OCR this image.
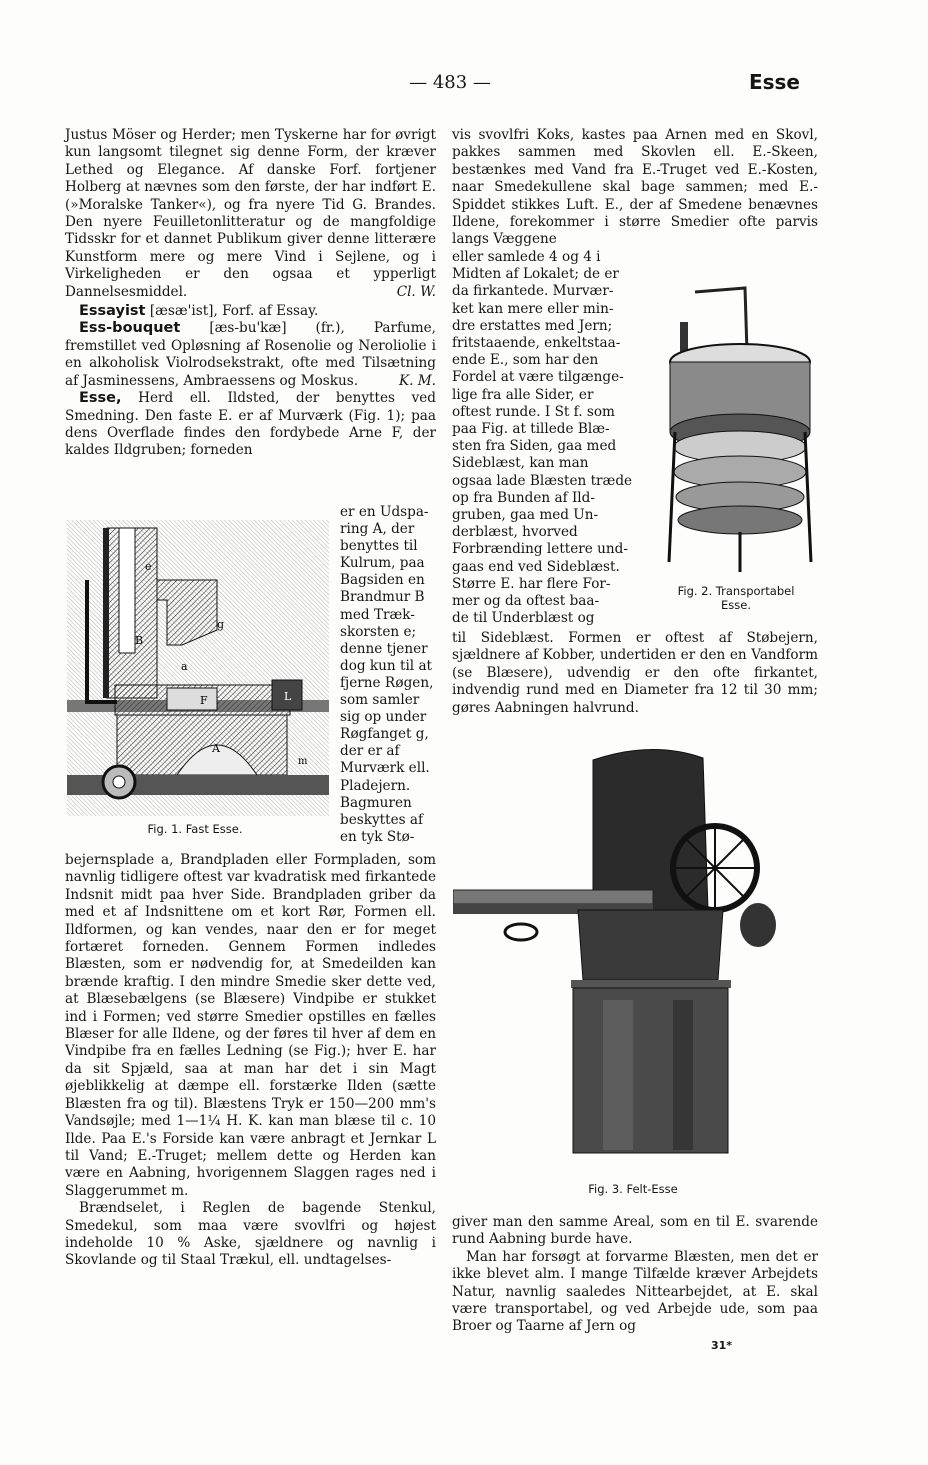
— 483 —	Esse

Justus Möser og Herder; men Tyskerne har for øvrigt kun langsomt tilegnet sig denne Form, der kræver Lethed og Elegance. Af danske Forf. fortjener Holberg at nævnes som den første, der har indført E. (»Moralske Tanker«), og fra nyere Tid G. Brandes. Den nyere Feuilletonlitteratur og de mangfoldige Tidsskr for et dannet Publikum giver denne litterære Kunstform mere og mere Vind i Sejlene, og i Virkeligheden er den ogsaa et ypperligt Dannelsesmiddel.	Cl. W.

Essayist [æsæ'ist], Forf. af Essay.

Ess-bouquet [æs-bu'kæ] (fr.), Parfume, fremstillet ved Opløsning af Rosenolie og Neroliolie i en alkoholisk Violrodsekstrakt, ofte med Tilsætning af Jasminessens, Ambraessens og Moskus.	K. M.

Esse, Herd ell. Ildsted, der benyttes ved Smedning. Den faste E. er af Murværk (Fig. 1); paa dens Overflade findes den fordybede Arne F, der kaldes Ildgruben; forneden

e
g
B
a
F	L
A
m
Fig. 1. Fast Esse.
er en Udspa-
ring A, der
benyttes til
Kulrum, paa
Bagsiden en
Brandmur B
med Træk-
skorsten e;
denne tjener
dog kun til at
fjerne Røgen,
som samler
sig op under
Røgfanget g,
der er af
Murværk ell.
Pladejern.
Bagmuren
beskyttes af
en tyk Stø-

bejernsplade a, Brandpladen eller Formpladen, som navnlig tidligere oftest var kvadratisk med firkantede Indsnit midt paa hver Side. Brandpladen griber da med et af Indsnittene om et kort Rør, Formen ell. Ildformen, og kan vendes, naar den er for meget fortæret forneden. Gennem Formen indledes Blæsten, som er nødvendig for, at Smedeilden kan brænde kraftig. I den mindre Smedie sker dette ved, at Blæsebælgens (se Blæsere) Vindpibe er stukket ind i Formen; ved større Smedier opstilles en fælles Blæser for alle Ildene, og der føres til hver af dem en Vindpibe fra en fælles Ledning (se Fig.); hver E. har da sit Spjæld, saa at man har det i sin Magt øjeblikkelig at dæmpe ell. forstærke Ilden (sætte Blæsten fra og til). Blæstens Tryk er 150—200 mm's Vandsøjle; med 1—1¼ H. K. kan man blæse til c. 10 Ilde. Paa E.'s Forside kan være anbragt et Jernkar L til Vand; E.-Truget; mellem dette og Herden kan være en Aabning, hvorigennem Slaggen rages ned i Slaggerummet m.

Brændselet, i Reglen de bagende Stenkul, Smedekul, som maa være svovlfri og højest indeholde 10 % Aske, sjældnere og navnlig i Skovlande og til Staal Trækul, ell. undtagelses-

vis svovlfri Koks, kastes paa Arnen med en Skovl, pakkes sammen med Skovlen ell. E.-Skeen, bestænkes med Vand fra E.-Truget ved E.-Kosten, naar Smedekullene skal bage sammen; med E.-Spiddet stikkes Luft. E., der af Smedene benævnes Ildene, forekommer i større Smedier ofte parvis langs Væggene

eller samlede 4 og 4 i
Midten af Lokalet; de er
da firkantede. Murvær-
ket kan mere eller min-
dre erstattes med Jern;
fritstaaende, enkeltstaa-
ende E., som har den
Fordel at være tilgænge-
lige fra alle Sider, er
oftest runde. I St f. som
paa Fig. at tillede Blæ-
sten fra Siden, gaa med
Sideblæst, kan man
ogsaa lade Blæsten træde
op fra Bunden af Ild-
gruben, gaa med Un-
derblæst, hvorved
Forbrænding lettere und-
gaas end ved Sideblæst.
Større E. har flere For-
mer og da oftest baa-
de til Underblæst og
Fig. 2. Transportabel
Esse.

til Sideblæst. Formen er oftest af Støbejern, sjældnere af Kobber, undertiden er den en Vandform (se Blæsere), udvendig er den ofte firkantet, indvendig rund med en Diameter fra 12 til 30 mm; gøres Aabningen halvrund.

Fig. 3. Felt-Esse

giver man den samme Areal, som en til E. svarende rund Aabning burde have.

Man har forsøgt at forvarme Blæsten, men det er ikke blevet alm. I mange Tilfælde kræver Arbejdets Natur, navnlig saaledes Nittearbejdet, at E. skal være transportabel, og ved Arbejde ude, som paa Broer og Taarne af Jern og

31*
